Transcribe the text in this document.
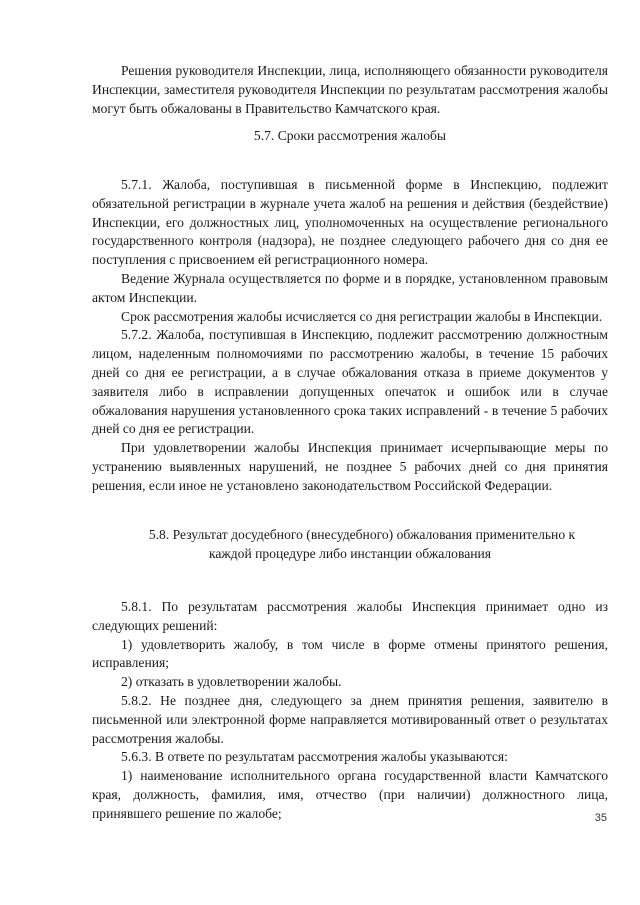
Решения руководителя Инспекции, лица, исполняющего обязанности руководителя Инспекции, заместителя руководителя Инспекции по результатам рассмотрения жалобы могут быть обжалованы в Правительство Камчатского края.

5.7. Сроки рассмотрения жалобы

5.7.1. Жалоба, поступившая в письменной форме в Инспекцию, подлежит обязательной регистрации в журнале учета жалоб на решения и действия (бездействие) Инспекции, его должностных лиц, уполномоченных на осуществление регионального государственного контроля (надзора), не позднее следующего рабочего дня со дня ее поступления с присвоением ей регистрационного номера.

Ведение Журнала осуществляется по форме и в порядке, установленном правовым актом Инспекции.

Срок рассмотрения жалобы исчисляется со дня регистрации жалобы в Инспекции.

5.7.2. Жалоба, поступившая в Инспекцию, подлежит рассмотрению должностным лицом, наделенным полномочиями по рассмотрению жалобы, в течение 15 рабочих дней со дня ее регистрации, а в случае обжалования отказа в приеме документов у заявителя либо в исправлении допущенных опечаток и ошибок или в случае обжалования нарушения установленного срока таких исправлений - в течение 5 рабочих дней со дня ее регистрации.

При удовлетворении жалобы Инспекция принимает исчерпывающие меры по устранению выявленных нарушений, не позднее 5 рабочих дней со дня принятия решения, если иное не установлено законодательством Российской Федерации.

5.8. Результат досудебного (внесудебного) обжалования применительно к
каждой процедуре либо инстанции обжалования

5.8.1. По результатам рассмотрения жалобы Инспекция принимает одно из следующих решений:

1) удовлетворить жалобу, в том числе в форме отмены принятого решения, исправления;

2) отказать в удовлетворении жалобы.

5.8.2. Не позднее дня, следующего за днем принятия решения, заявителю в письменной или электронной форме направляется мотивированный ответ о результатах рассмотрения жалобы.

5.6.3. В ответе по результатам рассмотрения жалобы указываются:

1) наименование исполнительного органа государственной власти Камчатского края, должность, фамилия, имя, отчество (при наличии) должностного лица, принявшего решение по жалобе;	35
